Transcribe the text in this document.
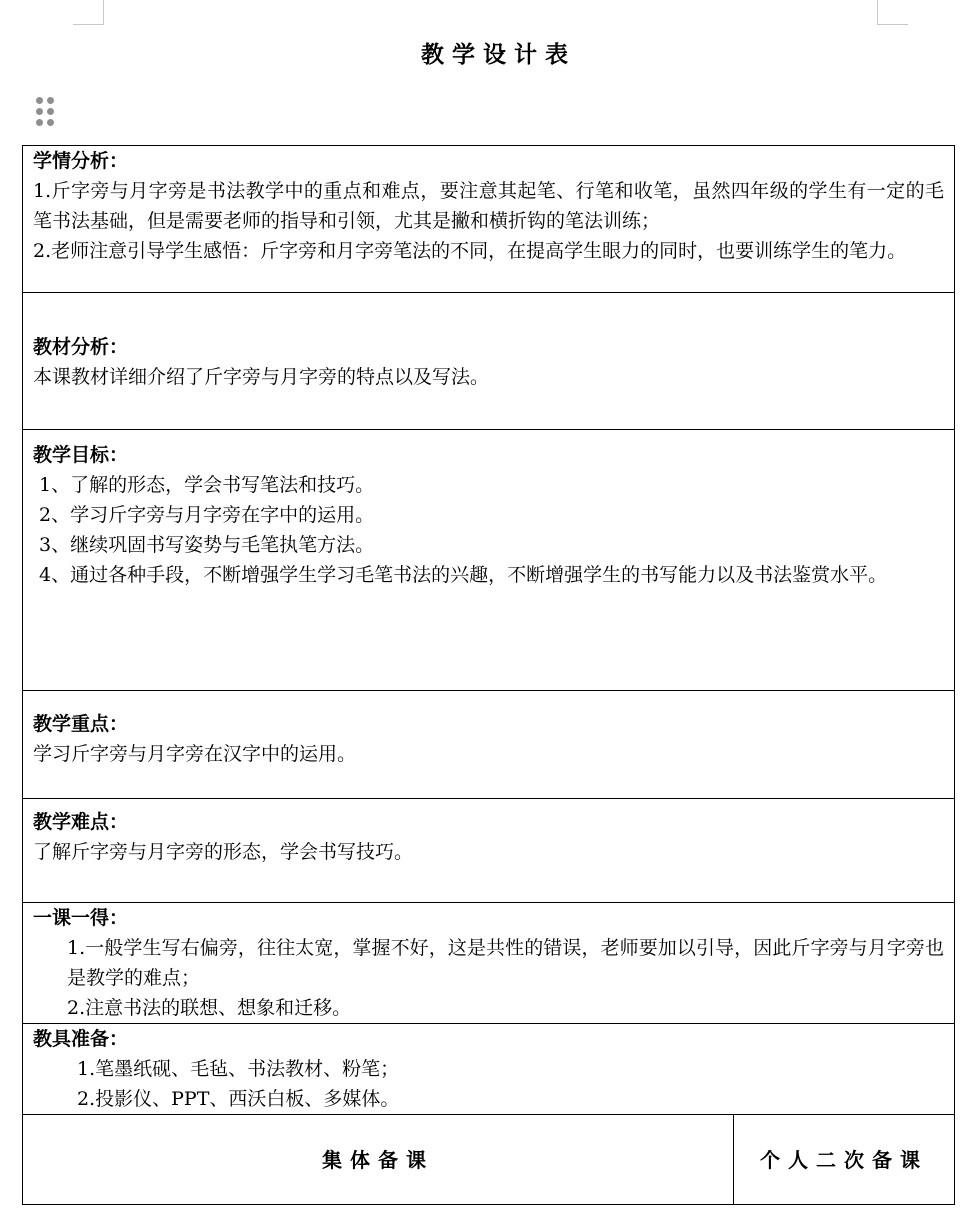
教学设计表
学情分析：
1.斤字旁与月字旁是书法教学中的重点和难点，要注意其起笔、行笔和收笔，虽然四年级的学生有一定的毛笔书法基础，但是需要老师的指导和引领，尤其是撇和横折钩的笔法训练；
2.老师注意引导学生感悟：斤字旁和月字旁笔法的不同，在提高学生眼力的同时，也要训练学生的笔力。

教材分析：
本课教材详细介绍了斤字旁与月字旁的特点以及写法。

教学目标：
1、了解的形态，学会书写笔法和技巧。
2、学习斤字旁与月字旁在字中的运用。
3、继续巩固书写姿势与毛笔执笔方法。
4、通过各种手段，不断增强学生学习毛笔书法的兴趣，不断增强学生的书写能力以及书法鉴赏水平。

教学重点：
学习斤字旁与月字旁在汉字中的运用。

教学难点：
了解斤字旁与月字旁的形态，学会书写技巧。

一课一得：
1.一般学生写右偏旁，往往太宽，掌握不好，这是共性的错误，老师要加以引导，因此斤字旁与月字旁也是教学的难点；
2.注意书法的联想、想象和迁移。

教具准备：
1.笔墨纸砚、毛毡、书法教材、粉笔；
2.投影仪、PPT、西沃白板、多媒体。

集体备课	个人二次备课
